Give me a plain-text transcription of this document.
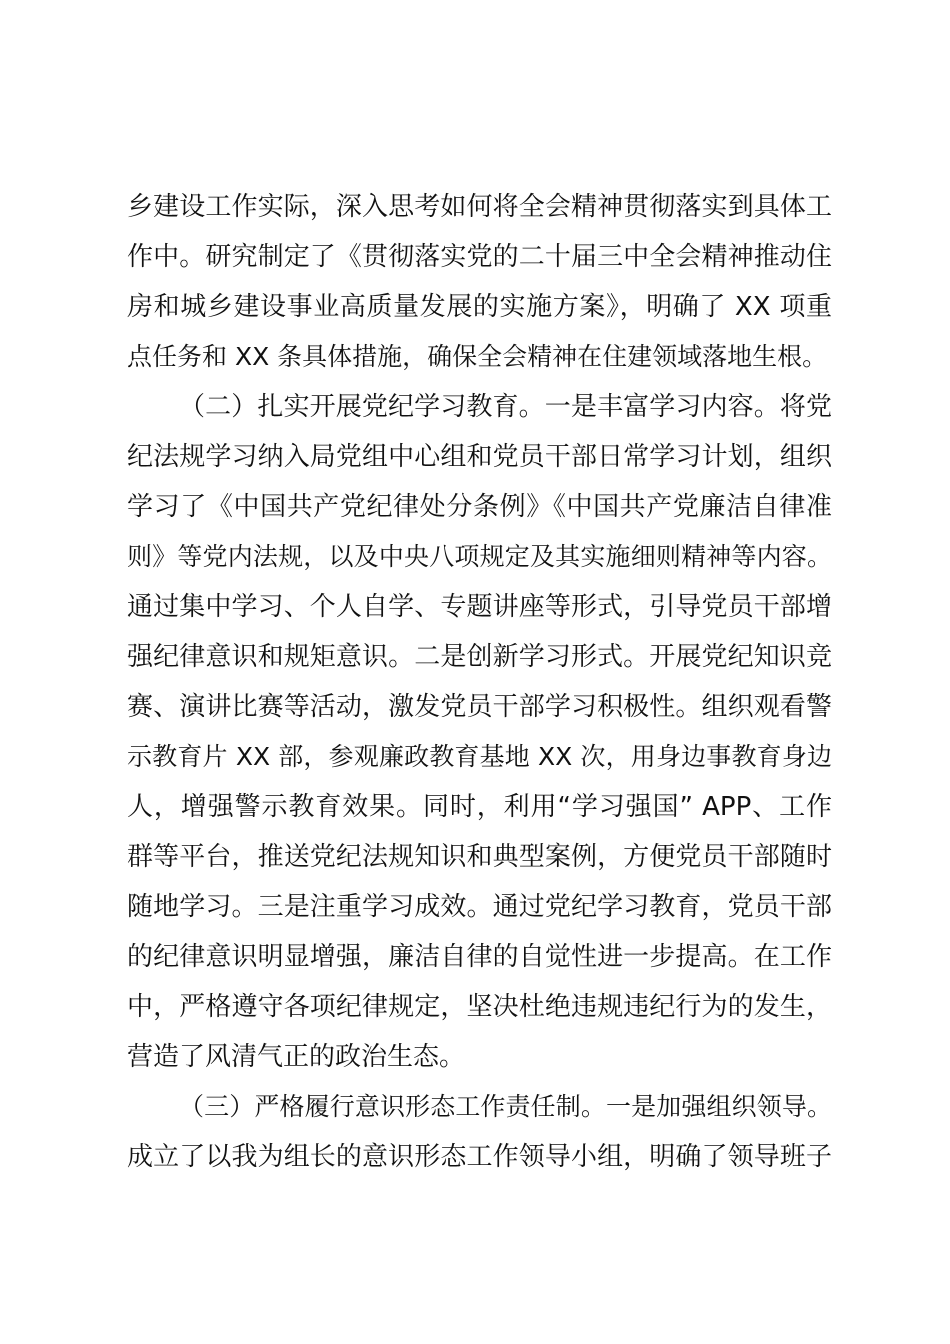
乡建设工作实际，深入思考如何将全会精神贯彻落实到具体工
作中。研究制定了《贯彻落实党的二十届三中全会精神推动住
房和城乡建设事业高质量发展的实施方案》，明确了 XX 项重
点任务和 XX 条具体措施，确保全会精神在住建领域落地生根。
（二）扎实开展党纪学习教育。一是丰富学习内容。将党
纪法规学习纳入局党组中心组和党员干部日常学习计划，组织
学习了《中国共产党纪律处分条例》《中国共产党廉洁自律准
则》等党内法规，以及中央八项规定及其实施细则精神等内容。
通过集中学习、个人自学、专题讲座等形式，引导党员干部增
强纪律意识和规矩意识。二是创新学习形式。开展党纪知识竞
赛、演讲比赛等活动，激发党员干部学习积极性。组织观看警
示教育片 XX 部，参观廉政教育基地 XX 次，用身边事教育身边
人，增强警示教育效果。同时，利用“学习强国” APP、工作
群等平台，推送党纪法规知识和典型案例，方便党员干部随时
随地学习。三是注重学习成效。通过党纪学习教育，党员干部
的纪律意识明显增强，廉洁自律的自觉性进一步提高。在工作
中，严格遵守各项纪律规定，坚决杜绝违规违纪行为的发生，
营造了风清气正的政治生态。
（三）严格履行意识形态工作责任制。一是加强组织领导。
成立了以我为组长的意识形态工作领导小组，明确了领导班子
